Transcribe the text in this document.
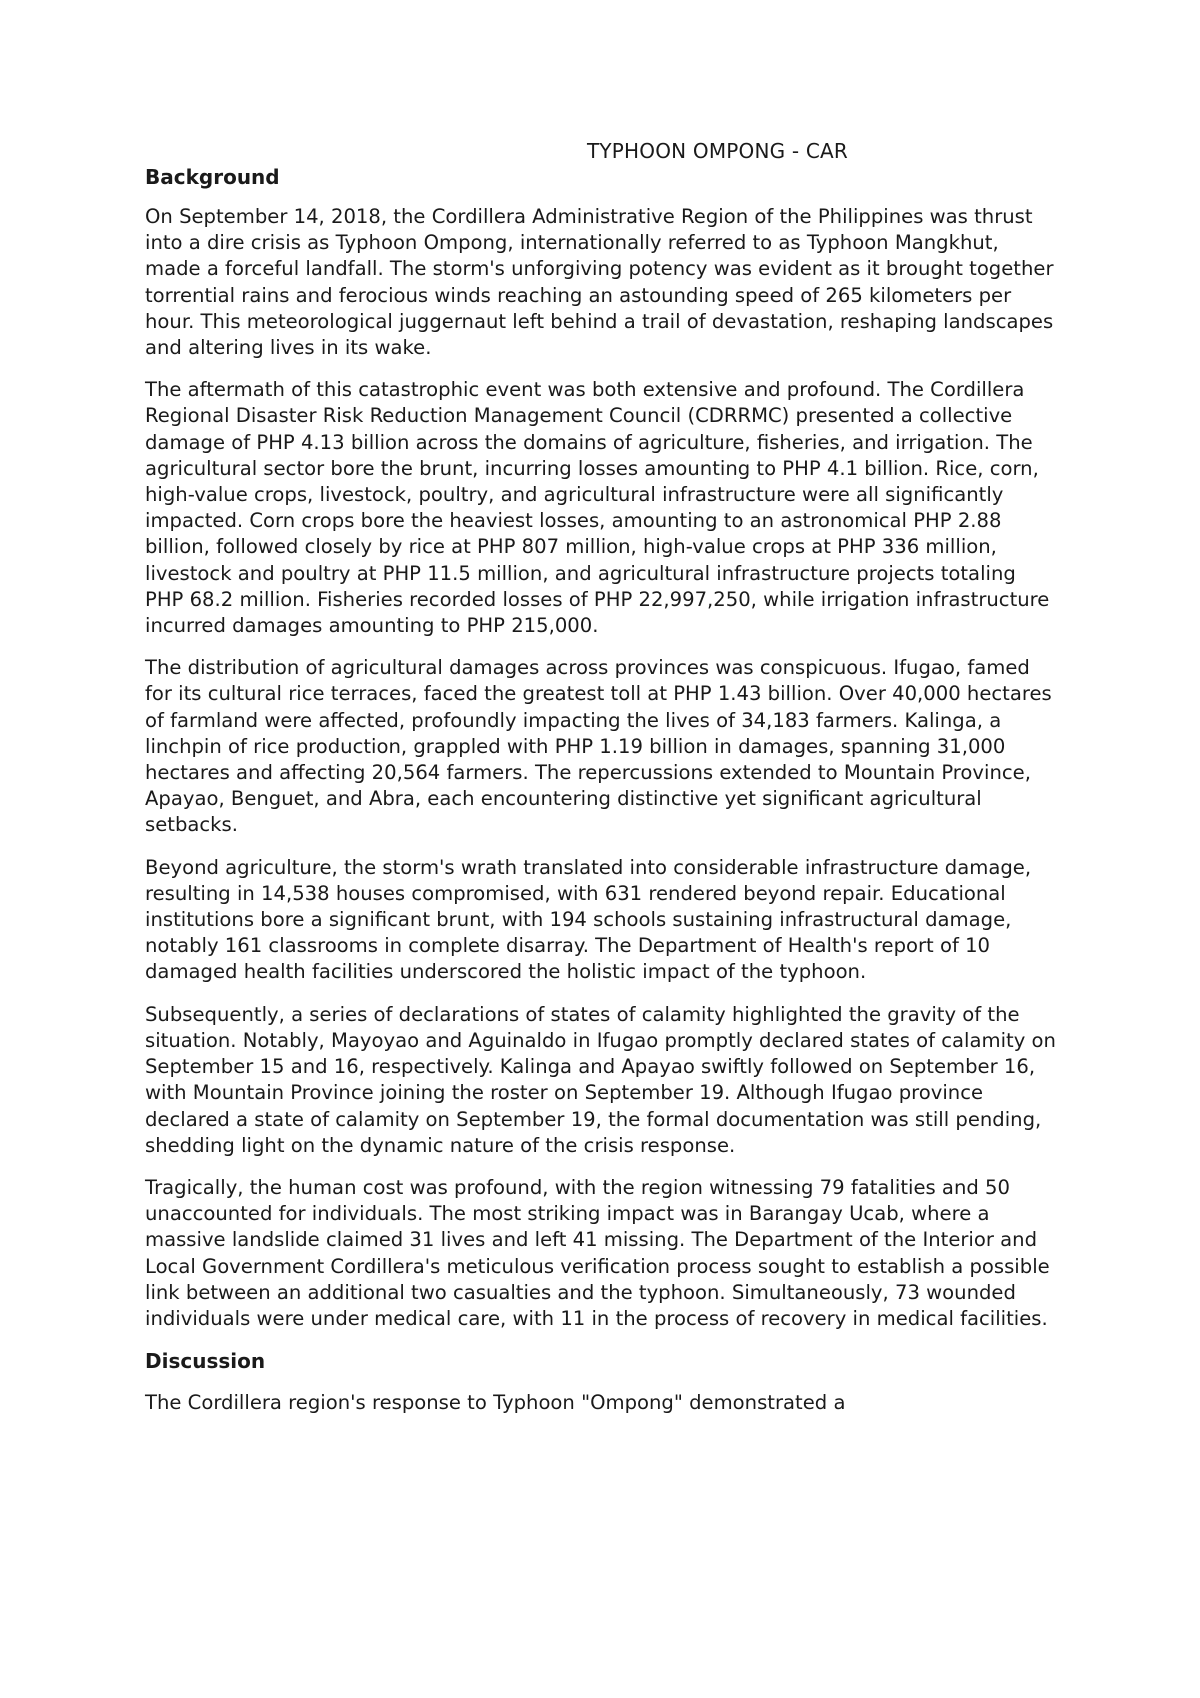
TYPHOON OMPONG - CAR
Background

On September 14, 2018, the Cordillera Administrative Region of the Philippines was thrust into a dire crisis as Typhoon Ompong, internationally referred to as Typhoon Mangkhut, made a forceful landfall. The storm's unforgiving potency was evident as it brought together torrential rains and ferocious winds reaching an astounding speed of 265 kilometers per hour. This meteorological juggernaut left behind a trail of devastation, reshaping landscapes and altering lives in its wake.

The aftermath of this catastrophic event was both extensive and profound. The Cordillera Regional Disaster Risk Reduction Management Council (CDRRMC) presented a collective damage of PHP 4.13 billion across the domains of agriculture, fisheries, and irrigation. The agricultural sector bore the brunt, incurring losses amounting to PHP 4.1 billion. Rice, corn, high-value crops, livestock, poultry, and agricultural infrastructure were all significantly impacted. Corn crops bore the heaviest losses, amounting to an astronomical PHP 2.88 billion, followed closely by rice at PHP 807 million, high-value crops at PHP 336 million, livestock and poultry at PHP 11.5 million, and agricultural infrastructure projects totaling PHP 68.2 million. Fisheries recorded losses of PHP 22,997,250, while irrigation infrastructure incurred damages amounting to PHP 215,000.

The distribution of agricultural damages across provinces was conspicuous. Ifugao, famed for its cultural rice terraces, faced the greatest toll at PHP 1.43 billion. Over 40,000 hectares of farmland were affected, profoundly impacting the lives of 34,183 farmers. Kalinga, a linchpin of rice production, grappled with PHP 1.19 billion in damages, spanning 31,000 hectares and affecting 20,564 farmers. The repercussions extended to Mountain Province, Apayao, Benguet, and Abra, each encountering distinctive yet significant agricultural setbacks.

Beyond agriculture, the storm's wrath translated into considerable infrastructure damage, resulting in 14,538 houses compromised, with 631 rendered beyond repair. Educational institutions bore a significant brunt, with 194 schools sustaining infrastructural damage, notably 161 classrooms in complete disarray. The Department of Health's report of 10 damaged health facilities underscored the holistic impact of the typhoon.

Subsequently, a series of declarations of states of calamity highlighted the gravity of the situation. Notably, Mayoyao and Aguinaldo in Ifugao promptly declared states of calamity on September 15 and 16, respectively. Kalinga and Apayao swiftly followed on September 16, with Mountain Province joining the roster on September 19. Although Ifugao province declared a state of calamity on September 19, the formal documentation was still pending, shedding light on the dynamic nature of the crisis response.

Tragically, the human cost was profound, with the region witnessing 79 fatalities and 50 unaccounted for individuals. The most striking impact was in Barangay Ucab, where a massive landslide claimed 31 lives and left 41 missing. The Department of the Interior and Local Government Cordillera's meticulous verification process sought to establish a possible link between an additional two casualties and the typhoon. Simultaneously, 73 wounded individuals were under medical care, with 11 in the process of recovery in medical facilities.

Discussion

The Cordillera region's response to Typhoon "Ompong" demonstrated a
